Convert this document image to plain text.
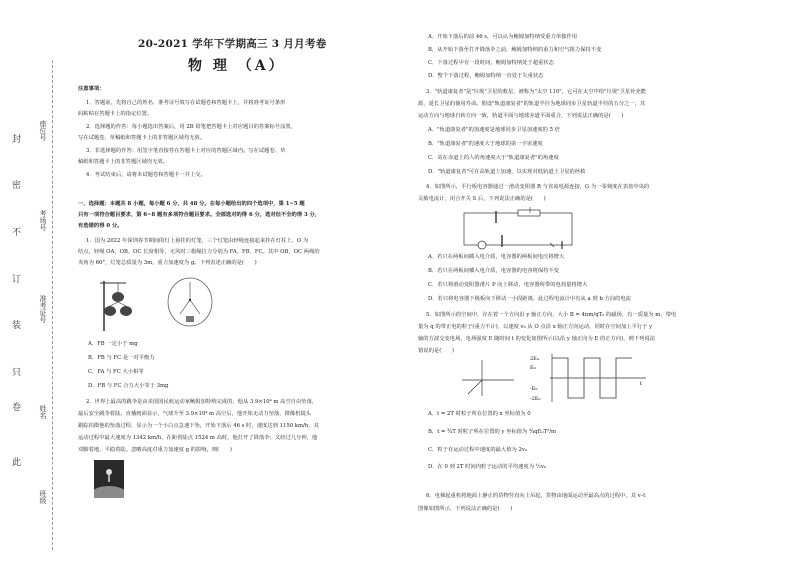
座位号
考场号
准考证号
姓名
班级
封
密
不
订
装
只
卷
此
20-2021 学年下学期高三 3 月月考卷
物 理 （A）
注意事项：
1．答题前，先将自己的姓名、准考证号填写在试题卷和答题卡上，并将准考证号条形
码粘贴在答题卡上的指定位置。
2．选择题的作答：每小题选出答案后，用 2B 铅笔把答题卡上对应题目的答案标号涂黑，
写在试题卷、草稿纸和答题卡上的非答题区域均无效。
3．非选择题的作答：用签字笔直接答在答题卡上对应的答题区域内。写在试题卷、草
稿纸和答题卡上的非答题区域均无效。
4．考试结束后，请将本试题卷和答题卡一并上交。
一、选择题：本题共 8 小题，每小题 6 分，共 48 分。在每小题给出的四个选项中，第 1~5 题
只有一项符合题目要求，第 6~8 题有多项符合题目要求。全部选对的得 6 分，选对但不全的得 3 分，
有选错的得 0 分。
1．国为 2022 年深圳春节期间的灯上悬挂的灯笼，三个灯笼由轻绳连接起来挂在灯柱上，O 为
结点，轻绳 OA、OB、OC 长度相等，无风时三根绳拉力分别为 FA、FB、FC。其中 OB、OC 两绳的
夹角为 60°，灯笼总质量为 3m，重力加速度为 g。下列表述正确的是(　　)
A．FB 一定小于 mg
B．FB 与 FC 是一对平衡力
C．FA 与 FC 大小相等
D．FB 与 FC 合力大小等于 3mg
2．世界上最高的跳伞是由美国国民航运动家鲍姆加特纳完成的，他从 3.9×10⁴ m 高空自由坠落，
最后安全跳伞着陆。直播画面显示，气球升至 3.9×10⁴ m 高空后，他开始无动力坠落，摄像机镜头
跟踪拍摄他的坠落过程，显示为一个小白点急速下坠，开始下落后 46 s 时，速度达到 1150 km/h，其
运动过程中最大速度为 1342 km/h，在距着陆点 1524 m 高时，他打开了降落伞；又经过几分钟，他
双脚着地，平稳着陆。忽略高度对重力加速度 g 的影响，则(　　)
A．开始下落后的前 46 s，可以认为鲍姆加特纳受重力单独作用
B．从开始下落至打开降落伞之前，鲍姆加特纳的重力和空气阻力保持不变
C．下落过程中有一段时间，鲍姆加特纳处于超重状态
D．整个下落过程，鲍姆加特纳一直处于失重状态
3．"轨道康复者"是"垃圾"卫星的救星，被称为"太空 110"，它可在太空中给"垃圾"卫星补充能
源，延长卫星的使用寿命。假设"轨道康复者"的轨道半径为地球同步卫星轨道半径的五分之一，其
运动方向与地球自转方向一致，轨道平面与地球赤道平面重合，下列说法正确的是(　　)
A．"轨道康复者"的加速度是地球同步卫星加速度的 5 倍
B．"轨道康复者"的速度大于地球的第一宇宙速度
C．站在赤道上的人的角速度大于"轨道康复者"的角速度
D．"轨道康复者"可在高轨道上加速，以实现对低轨道上卫星的拯救
4．如图所示，平行板电容器通过一滑动变阻器 R 与直流电源连接，G 为一零刻度在表盘中央的
灵敏电流计，闭合开关 S 后，下列说法正确的是(　　)
A．若只在两板间插入电介质，电容器的两板间电压将增大
B．若只在两板间插入电介质，电容器的电容将保持不变
C．若只将滑动变阻器滑片 P 向上移动，电容器所带的电荷量将增大
D．若只将电容器下极板向下移动一小段距离，此过程电流计中有从 a 到 b 方向的电流
5．如图所示的空间中，存在着一个方向沿 y 轴正方向，大小 B = 4πm/qT₀ 的磁场，有一质量为 m、带电
量为 q 的带正电的粒子(重力不计)，以速度 v₀ 从 O 点沿 x 轴正方向运动，同时在空间加上平行于 y
轴的方波交变电场，电场强度 E 随时间 t 的变化如图所示(以沿 y 轴正向为 E 的正方向)，则下列说法
错误的是(　　)
2E₀
E₀
-E₀
-2E₀
t
A．t = 2T 时粒子所在位置的 x 坐标值为 0
B．t = ¾T 时粒子所在位置的 y 坐标值为 ¾qE₀T²/m
C．粒子在运动过程中速度的最大值为 2v₀
D．在 0 到 2T 时间内粒子运动的平均速度为 ½v₀
6．电梯起重机将地面上静止的货物竖直向上吊起，货物由地面运动至最高点的过程中，其 v–t
图像如图所示，下列说法正确的是(　　)
